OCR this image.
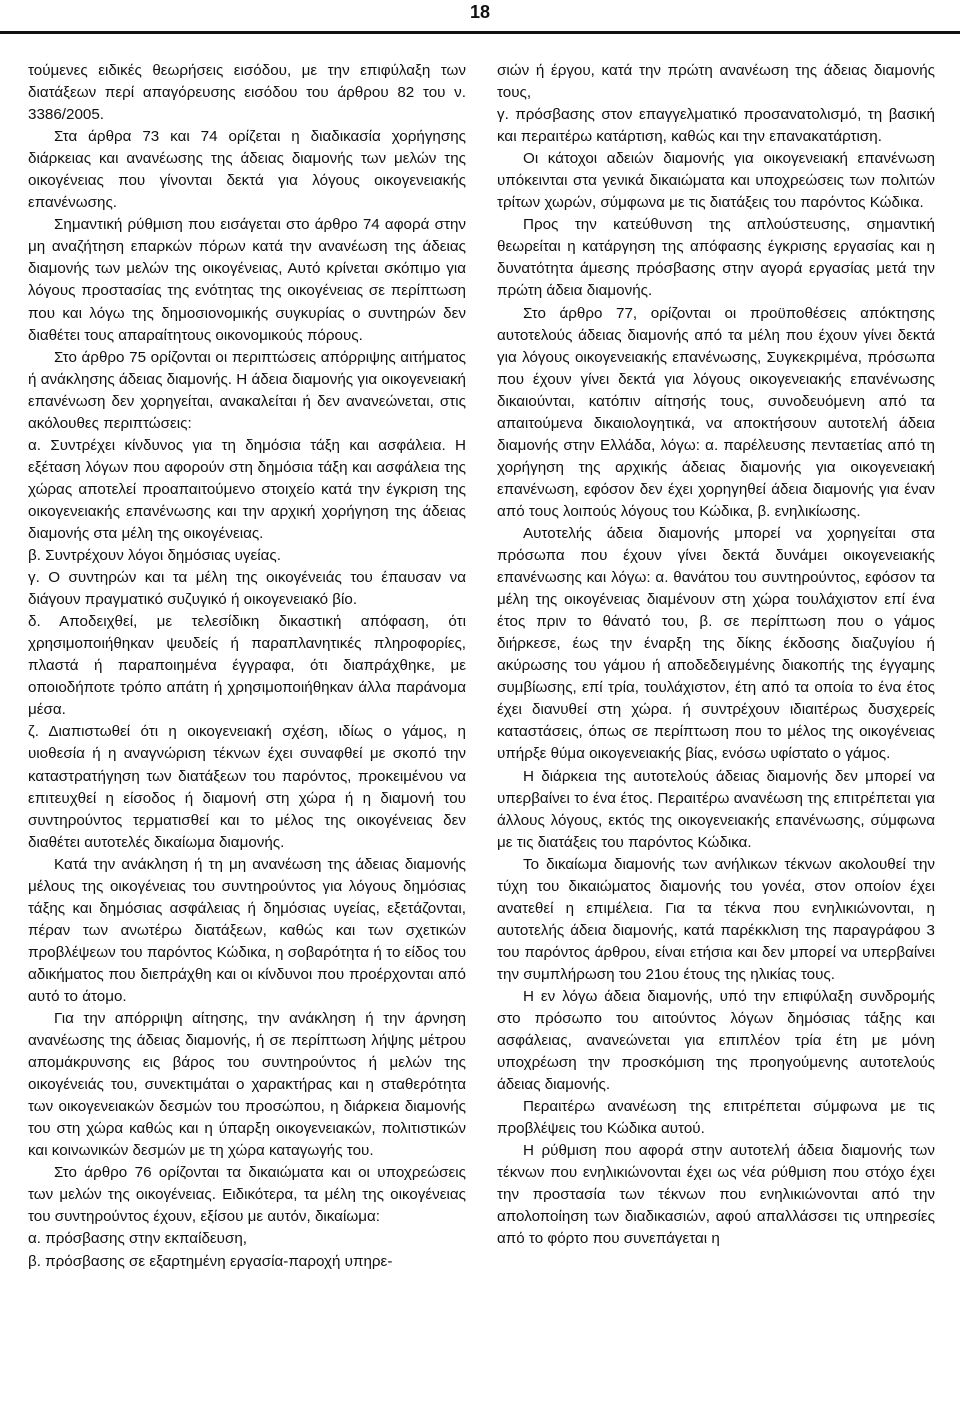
18

τούμενες ειδικές θεωρήσεις εισόδου, με την επιφύλαξη των διατάξεων περί απαγόρευσης εισόδου του άρθρου 82 του ν. 3386/2005.

Στα άρθρα 73 και 74 ορίζεται η διαδικασία χορήγησης διάρκειας και ανανέωσης της άδειας διαμονής των μελών της οικογένειας που γίνονται δεκτά για λόγους οικογενειακής επανένωσης.

Σημαντική ρύθμιση που εισάγεται στο άρθρο 74 αφορά στην μη αναζήτηση επαρκών πόρων κατά την ανανέωση της άδειας διαμονής των μελών της οικογένειας, Αυτό κρίνεται σκόπιμο για λόγους προστασίας της ενότητας της οικογένειας σε περίπτωση που και λόγω της δημοσιονομικής συγκυρίας ο συντηρών δεν διαθέτει τους απαραίτητους οικονομικούς πόρους.

Στο άρθρο 75 ορίζονται οι περιπτώσεις απόρριψης αιτήματος ή ανάκλησης άδειας διαμονής. Η άδεια διαμονής για οικογενειακή επανένωση δεν χορηγείται, ανακαλείται ή δεν ανανεώνεται, στις ακόλουθες περιπτώσεις:

α. Συντρέχει κίνδυνος για τη δημόσια τάξη και ασφάλεια. Η εξέταση λόγων που αφορούν στη δημόσια τάξη και ασφάλεια της χώρας αποτελεί προαπαιτούμενο στοιχείο κατά την έγκριση της οικογενειακής επανένωσης και την αρχική χορήγηση της άδειας διαμονής στα μέλη της οικογένειας.

β. Συντρέχουν λόγοι δημόσιας υγείας.

γ. Ο συντηρών και τα μέλη της οικογένειάς του έπαυσαν να διάγουν πραγματικό συζυγικό ή οικογενειακό βίο.

δ. Αποδειχθεί, με τελεσίδικη δικαστική απόφαση, ότι χρησιμοποιήθηκαν ψευδείς ή παραπλανητικές πληροφορίες, πλαστά ή παραποιημένα έγγραφα, ότι διαπράχθηκε, με οποιοδήποτε τρόπο απάτη ή χρησιμοποιήθηκαν άλλα παράνομα μέσα.

ζ. Διαπιστωθεί ότι η οικογενειακή σχέση, ιδίως ο γάμος, η υιοθεσία ή η αναγνώριση τέκνων έχει συναφθεί με σκοπό την καταστρατήγηση των διατάξεων του παρόντος, προκειμένου να επιτευχθεί η είσοδος ή διαμονή στη χώρα ή η διαμονή του συντηρούντος τερματισθεί και το μέλος της οικογένειας δεν διαθέτει αυτοτελές δικαίωμα διαμονής.

Κατά την ανάκληση ή τη μη ανανέωση της άδειας διαμονής μέλους της οικογένειας του συντηρούντος για λόγους δημόσιας τάξης και δημόσιας ασφάλειας ή δημόσιας υγείας, εξετάζονται, πέραν των ανωτέρω διατάξεων, καθώς και των σχετικών προβλέψεων του παρόντος Κώδικα, η σοβαρότητα ή το είδος του αδικήματος που διεπράχθη και οι κίνδυνοι που προέρχονται από αυτό το άτομο.

Για την απόρριψη αίτησης, την ανάκληση ή την άρνηση ανανέωσης της άδειας διαμονής, ή σε περίπτωση λήψης μέτρου απομάκρυνσης εις βάρος του συντηρούντος ή μελών της οικογένειάς του, συνεκτιμάται ο χαρακτήρας και η σταθερότητα των οικογενειακών δεσμών του προσώπου, η διάρκεια διαμονής του στη χώρα καθώς και η ύπαρξη οικογενειακών, πολιτιστικών και κοινωνικών δεσμών με τη χώρα καταγωγής του.

Στο άρθρο 76 ορίζονται τα δικαιώματα και οι υποχρεώσεις των μελών της οικογένειας. Ειδικότερα, τα μέλη της οικογένειας του συντηρούντος έχουν, εξίσου με αυτόν, δικαίωμα:

α. πρόσβασης στην εκπαίδευση,

β. πρόσβασης σε εξαρτημένη εργασία-παροχή υπηρε-

σιών ή έργου, κατά την πρώτη ανανέωση της άδειας διαμονής τους,

γ. πρόσβασης στον επαγγελματικό προσανατολισμό, τη βασική και περαιτέρω κατάρτιση, καθώς και την επανακατάρτιση.

Οι κάτοχοι αδειών διαμονής για οικογενειακή επανένωση υπόκεινται στα γενικά δικαιώματα και υποχρεώσεις των πολιτών τρίτων χωρών, σύμφωνα με τις διατάξεις του παρόντος Κώδικα.

Προς την κατεύθυνση της απλούστευσης, σημαντική θεωρείται η κατάργηση της απόφασης έγκρισης εργασίας και η δυνατότητα άμεσης πρόσβασης στην αγορά εργασίας μετά την πρώτη άδεια διαμονής.

Στο άρθρο 77, ορίζονται οι προϋποθέσεις απόκτησης αυτοτελούς άδειας διαμονής από τα μέλη που έχουν γίνει δεκτά για λόγους οικογενειακής επανένωσης, Συγκεκριμένα, πρόσωπα που έχουν γίνει δεκτά για λόγους οικογενειακής επανένωσης δικαιούνται, κατόπιν αίτησής τους, συνοδευόμενη από τα απαιτούμενα δικαιολογητικά, να αποκτήσουν αυτοτελή άδεια διαμονής στην Ελλάδα, λόγω: α. παρέλευσης πενταετίας από τη χορήγηση της αρχικής άδειας διαμονής για οικογενειακή επανένωση, εφόσον δεν έχει χορηγηθεί άδεια διαμονής για έναν από τους λοιπούς λόγους του Κώδικα, β. ενηλικίωσης.

Αυτοτελής άδεια διαμονής μπορεί να χορηγείται στα πρόσωπα που έχουν γίνει δεκτά δυνάμει οικογενειακής επανένωσης και λόγω: α. θανάτου του συντηρούντος, εφόσον τα μέλη της οικογένειας διαμένουν στη χώρα τουλάχιστον επί ένα έτος πριν το θάνατό του, β. σε περίπτωση που ο γάμος διήρκεσε, έως την έναρξη της δίκης έκδοσης διαζυγίου ή ακύρωσης του γάμου ή αποδεδειγμένης διακοπής της έγγαμης συμβίωσης, επί τρία, τουλάχιστον, έτη από τα οποία το ένα έτος έχει διανυθεί στη χώρα. ή συντρέχουν ιδιαιτέρως δυσχερείς καταστάσεις, όπως σε περίπτωση που το μέλος της οικογένειας υπήρξε θύμα οικογενειακής βίας, ενόσω υφίσταto o γάμος.

Η διάρκεια της αυτοτελούς άδειας διαμονής δεν μπορεί να υπερβαίνει το ένα έτος. Περαιτέρω ανανέωση της επιτρέπεται για άλλους λόγους, εκτός της οικογενειακής επανένωσης, σύμφωνα με τις διατάξεις του παρόντος Κώδικα.

Το δικαίωμα διαμονής των ανήλικων τέκνων ακολουθεί την τύχη του δικαιώματος διαμονής του γονέα, στον οποίον έχει ανατεθεί η επιμέλεια. Για τα τέκνα που ενηλικιώνονται, η αυτοτελής άδεια διαμονής, κατά παρέκκλιση της παραγράφου 3 του παρόντος άρθρου, είναι ετήσια και δεν μπορεί να υπερβαίνει την συμπλήρωση του 21ου έτους της ηλικίας τους.

Η εν λόγω άδεια διαμονής, υπό την επιφύλαξη συνδρομής στο πρόσωπο του αιτούντος λόγων δημόσιας τάξης και ασφάλειας, ανανεώνεται για επιπλέον τρία έτη με μόνη υποχρέωση την προσκόμιση της προηγούμενης αυτοτελούς άδειας διαμονής.

Περαιτέρω ανανέωση της επιτρέπεται σύμφωνα με τις προβλέψεις του Κώδικα αυτού.

Η ρύθμιση που αφορά στην αυτοτελή άδεια διαμονής των τέκνων που ενηλικιώνονται έχει ως νέα ρύθμιση που στόχο έχει την προστασία των τέκνων που ενηλικιώνονται από την απολοποίηση των διαδικασιών, αφού απαλλάσσει τις υπηρεσίες από το φόρτο που συνεπάγεται η
